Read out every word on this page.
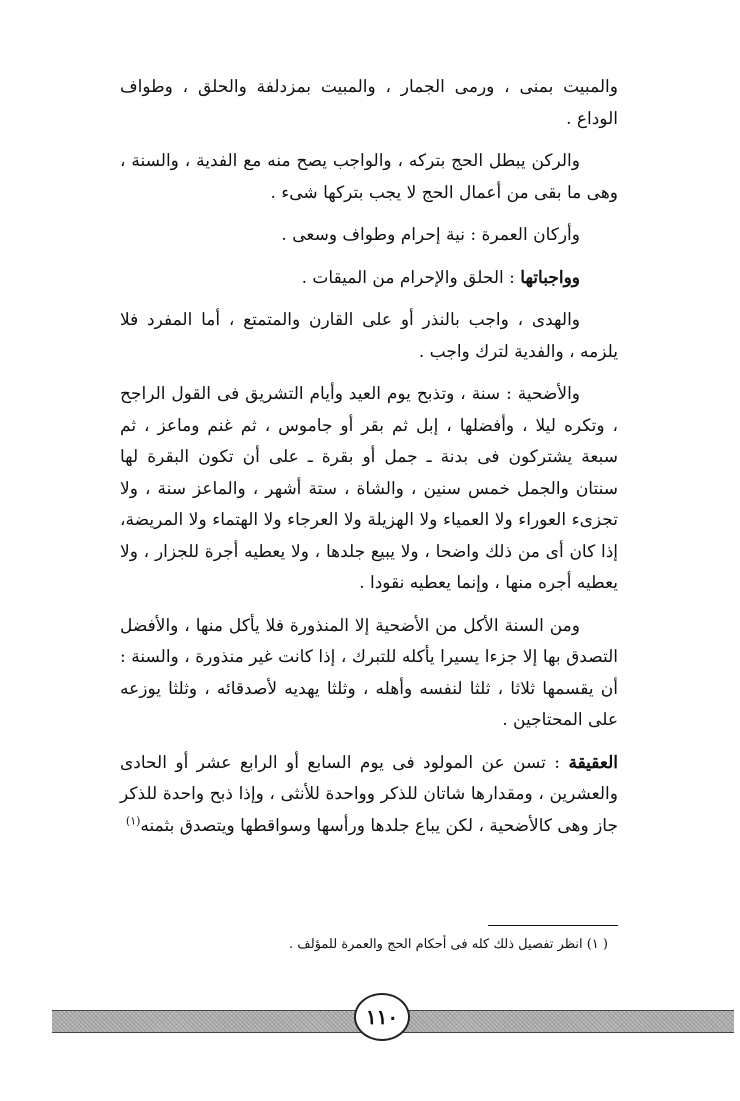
والمبيت بمنى ، ورمى الجمار ، والمبيت بمزدلفة والحلق ، وطواف الوداع .

والركن يبطل الحج بتركه ، والواجب يصح منه مع الفدية ، والسنة ، وهى ما بقى من أعمال الحج لا يجب بتركها شىء .

وأركان العمرة : نية إحرام وطواف وسعى .

وواجباتها : الحلق والإحرام من الميقات .

والهدى ، واجب بالنذر أو على القارن والمتمتع ، أما المفرد فلا يلزمه ، والفدية لترك واجب .

والأضحية : سنة ، وتذبح يوم العيد وأيام التشريق فى القول الراجح ، وتكره ليلا ، وأفضلها ، إبل ثم بقر أو جاموس ، ثم غنم وماعز ، ثم سبعة يشتركون فى بدنة ـ جمل أو بقرة ـ على أن تكون البقرة لها سنتان والجمل خمس سنين ، والشاة ، ستة أشهر ، والماعز سنة ، ولا تجزىء العوراء ولا العمياء ولا الهزيلة ولا العرجاء ولا الهتماء ولا المريضة، إذا كان أى من ذلك واضحا ، ولا يبيع جلدها ، ولا يعطيه أجرة للجزار ، ولا يعطيه أجره منها ، وإنما يعطيه نقودا .

ومن السنة الأكل من الأضحية إلا المنذورة فلا يأكل منها ، والأفضل التصدق بها إلا جزءا يسيرا يأكله للتبرك ، إذا كانت غير منذورة ، والسنة : أن يقسمها ثلاثا ، ثلثا لنفسه وأهله ، وثلثا يهديه لأصدقائه ، وثلثا يوزعه على المحتاجين .

العقيقة : تسن عن المولود فى يوم السابع أو الرابع عشر أو الحادى والعشرين ، ومقدارها شاتان للذكر وواحدة للأنثى ، وإذا ذبح واحدة للذكر جاز وهى كالأضحية ، لكن يباع جلدها ورأسها وسواقطها ويتصدق بثمنه$^{(١)}$

( ١) انظر تفصيل ذلك كله فى أحكام الحج والعمرة للمؤلف .
١١٠
